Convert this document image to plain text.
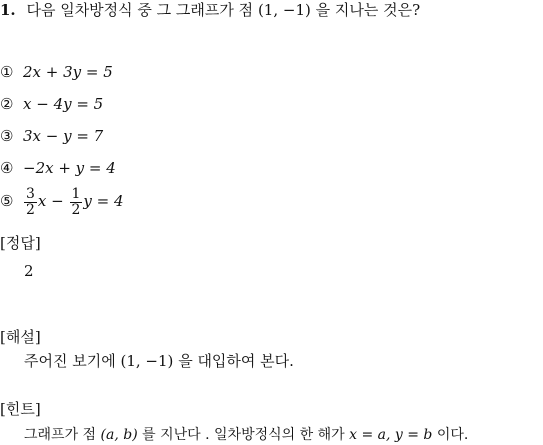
1. 다음 일차방정식 중 그 그래프가 점 (1, −1) 을 지나는 것은?
① 2x + 3y = 5
② x − 4y = 5
③ 3x − y = 7
④ −2x + y = 4
⑤ $\frac{3}{2}$ $x - \frac{1}{2}$ y = 4
[정답]
2
[해설]
주어진 보기에 (1, −1) 을 대입하여 본다.
[힌트]
그래프가 점 (a, b) 를 지난다 . 일차방정식의 한 해가 x = a, y = b 이다.
